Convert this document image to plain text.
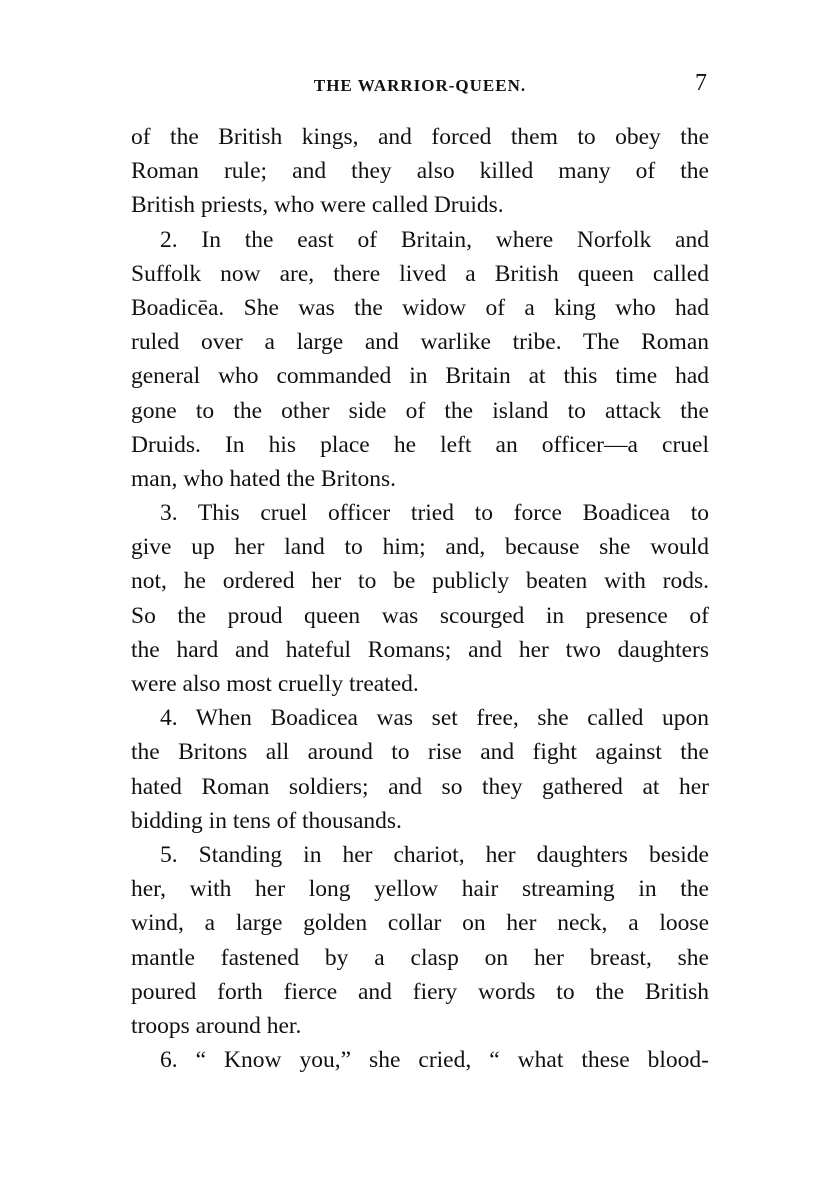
THE WARRIOR-QUEEN.	7
of the British kings, and forced them to obey the
Roman rule; and they also killed many of the
British priests, who were called Druids.
2. In the east of Britain, where Norfolk and
Suffolk now are, there lived a British queen called
Boadicēa. She was the widow of a king who had
ruled over a large and warlike tribe. The Roman
general who commanded in Britain at this time had
gone to the other side of the island to attack the
Druids. In his place he left an officer—a cruel
man, who hated the Britons.
3. This cruel officer tried to force Boadicea to
give up her land to him; and, because she would
not, he ordered her to be publicly beaten with rods.
So the proud queen was scourged in presence of
the hard and hateful Romans; and her two daughters
were also most cruelly treated.
4. When Boadicea was set free, she called upon
the Britons all around to rise and fight against the
hated Roman soldiers; and so they gathered at her
bidding in tens of thousands.
5. Standing in her chariot, her daughters beside
her, with her long yellow hair streaming in the
wind, a large golden collar on her neck, a loose
mantle fastened by a clasp on her breast, she
poured forth fierce and fiery words to the British
troops around her.
6. “ Know you,” she cried, “ what these blood-
